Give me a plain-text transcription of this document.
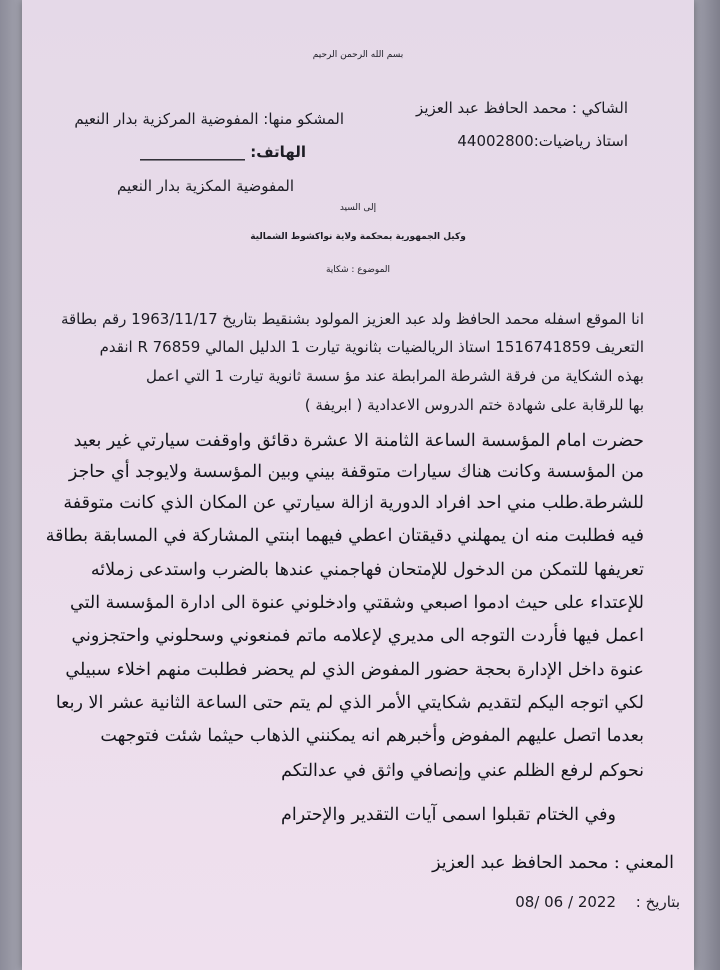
بسم الله الرحمن الرحيم
الشاكي : محمد الحافظ عبد العزيز
استاذ رياضيات:44002800
المشكو منها: المفوضية المركزية بدار النعيم
الهاتف: ______________
المفوضية المكزية بدار النعيم
إلى السيد
وكيل الجمهورية بمحكمة ولاية نواكشوط الشمالية
الموضوع : شكاية
انا الموقع اسفله محمد الحافظ ولد عبد العزيز المولود بشنقيط بتاريخ 1963/11/17 رقم بطاقة
التعريف 1516741859 استاذ الريالضيات بثانوية تيارت 1 الدليل المالي R 76859 انقدم
بهذه الشكاية من فرقة الشرطة المرابطة عند مؤ سسة ثانوية تيارت 1 التي اعمل
بها للرقابة على شهادة ختم الدروس الاعدادية ( ابريفة )
حضرت امام المؤسسة الساعة الثامنة الا عشرة دقائق واوقفت سيارتي غير بعيد
من المؤسسة وكانت هناك سيارات متوقفة بيني وبين المؤسسة ولايوجد أي حاجز
للشرطة.طلب مني احد افراد الدورية ازالة سيارتي عن المكان الذي كانت متوقفة
فيه فطلبت منه ان يمهلني دقيقتان اعطي فيهما ابنتي المشاركة في المسابقة بطاقة
تعريفها للتمكن من الدخول للإمتحان فهاجمني عندها بالضرب واستدعى زملائه
للإعتداء على حيث ادموا اصبعي وشقتي وادخلوني عنوة الى ادارة المؤسسة التي
اعمل فيها فأردت التوجه الى مديري لإعلامه ماتم فمنعوني وسحلوني واحتجزوني
عنوة داخل الإدارة بحجة حضور المفوض الذي لم يحضر فطلبت منهم اخلاء سبيلي
لكي اتوجه اليكم لتقديم شكايتي الأمر الذي لم يتم حتى الساعة الثانية عشر الا ربعا
بعدما اتصل عليهم المفوض وأخبرهم انه يمكنني الذهاب حيثما شئت فتوجهت
نحوكم لرفع الظلم عني وإنصافي واثق في عدالتكم
وفي الختام تقبلوا اسمى آيات التقدير والإحترام
المعني : محمد الحافظ عبد العزيز
بتاريخ :
2022 / 06 /08
